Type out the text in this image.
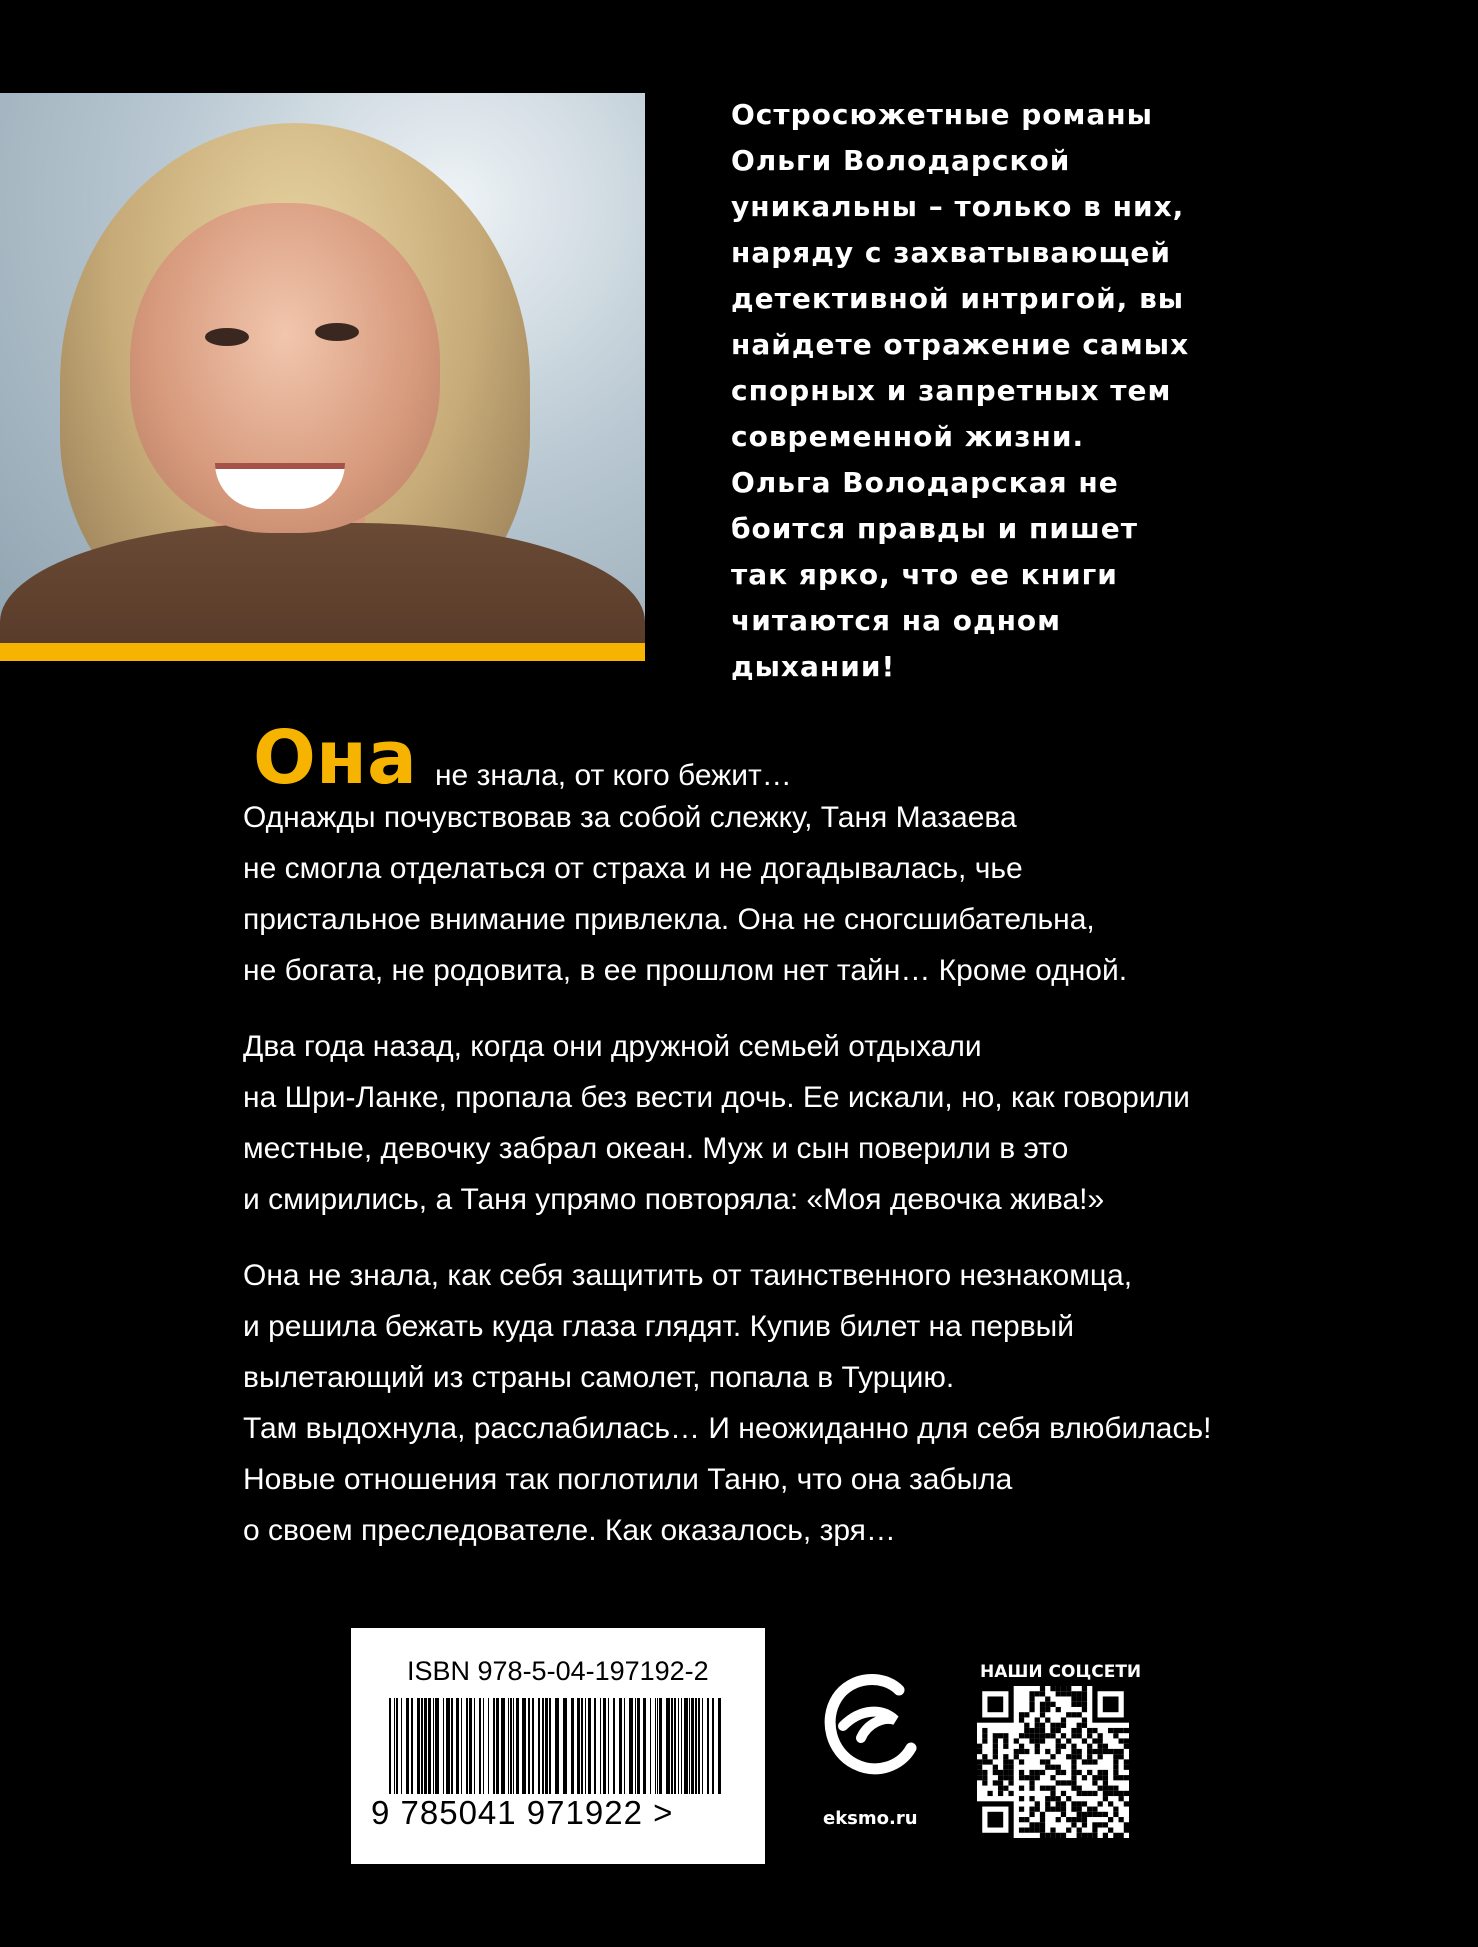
Остросюжетные романы
Ольги Володарской
уникальны – только в них,
наряду с захватывающей
детективной интригой, вы
найдете отражение самых
спорных и запретных тем
современной жизни.
Ольга Володарская не
боится правды и пишет
так ярко, что ее книги
читаются на одном
дыхании!

Она не знала, от кого бежит…
Однажды почувствовав за собой слежку, Таня Мазаева
не смогла отделаться от страха и не догадывалась, чье
пристальное внимание привлекла. Она не сногсшибательна,
не богата, не родовита, в ее прошлом нет тайн… Кроме одной.

Два года назад, когда они дружной семьей отдыхали
на Шри-Ланке, пропала без вести дочь. Ее искали, но, как говорили
местные, девочку забрал океан. Муж и сын поверили в это
и смирились, а Таня упрямо повторяла: «Моя девочка жива!»

Она не знала, как себя защитить от таинственного незнакомца,
и решила бежать куда глаза глядят. Купив билет на первый
вылетающий из страны самолет, попала в Турцию.
Там выдохнула, расслабилась… И неожиданно для себя влюбилась!
Новые отношения так поглотили Таню, что она забыла
о своем преследователе. Как оказалось, зря…

ISBN 978-5-04-197192-2
9 785041 971922 >	eksmo.ru
НАШИ СОЦСЕТИ
